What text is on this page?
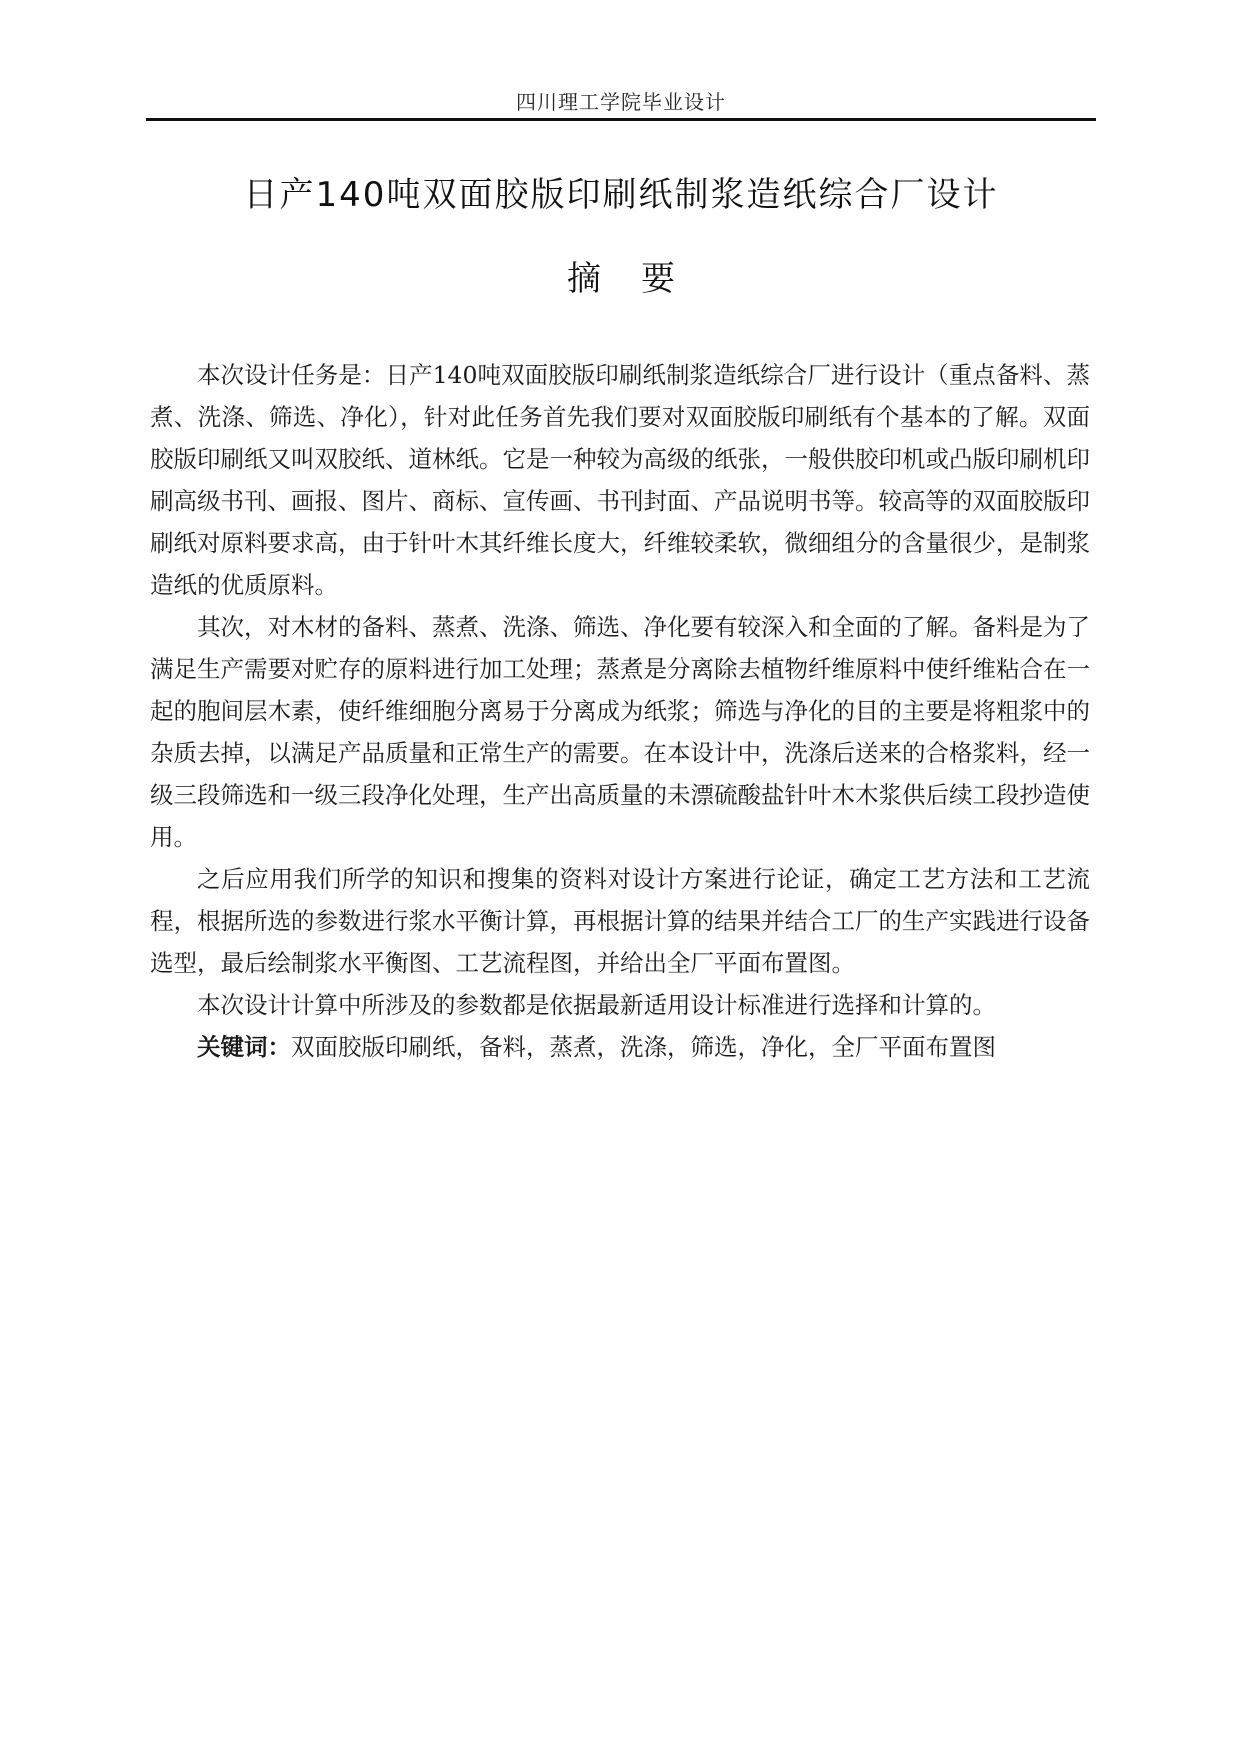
四川理工学院毕业设计
日产140吨双面胶版印刷纸制浆造纸综合厂设计
摘要

本次设计任务是：日产140吨双面胶版印刷纸制浆造纸综合厂进行设计（重点备料、蒸煮、洗涤、筛选、净化），针对此任务首先我们要对双面胶版印刷纸有个基本的了解。双面胶版印刷纸又叫双胶纸、道林纸。它是一种较为高级的纸张，一般供胶印机或凸版印刷机印刷高级书刊、画报、图片、商标、宣传画、书刊封面、产品说明书等。较高等的双面胶版印刷纸对原料要求高，由于针叶木其纤维长度大，纤维较柔软，微细组分的含量很少，是制浆造纸的优质原料。

其次，对木材的备料、蒸煮、洗涤、筛选、净化要有较深入和全面的了解。备料是为了满足生产需要对贮存的原料进行加工处理；蒸煮是分离除去植物纤维原料中使纤维粘合在一起的胞间层木素，使纤维细胞分离易于分离成为纸浆；筛选与净化的目的主要是将粗浆中的杂质去掉，以满足产品质量和正常生产的需要。在本设计中，洗涤后送来的合格浆料，经一级三段筛选和一级三段净化处理，生产出高质量的未漂硫酸盐针叶木木浆供后续工段抄造使用。

之后应用我们所学的知识和搜集的资料对设计方案进行论证，确定工艺方法和工艺流程，根据所选的参数进行浆水平衡计算，再根据计算的结果并结合工厂的生产实践进行设备选型，最后绘制浆水平衡图、工艺流程图，并给出全厂平面布置图。

本次设计计算中所涉及的参数都是依据最新适用设计标准进行选择和计算的。

关键词：双面胶版印刷纸，备料，蒸煮，洗涤，筛选，净化，全厂平面布置图
